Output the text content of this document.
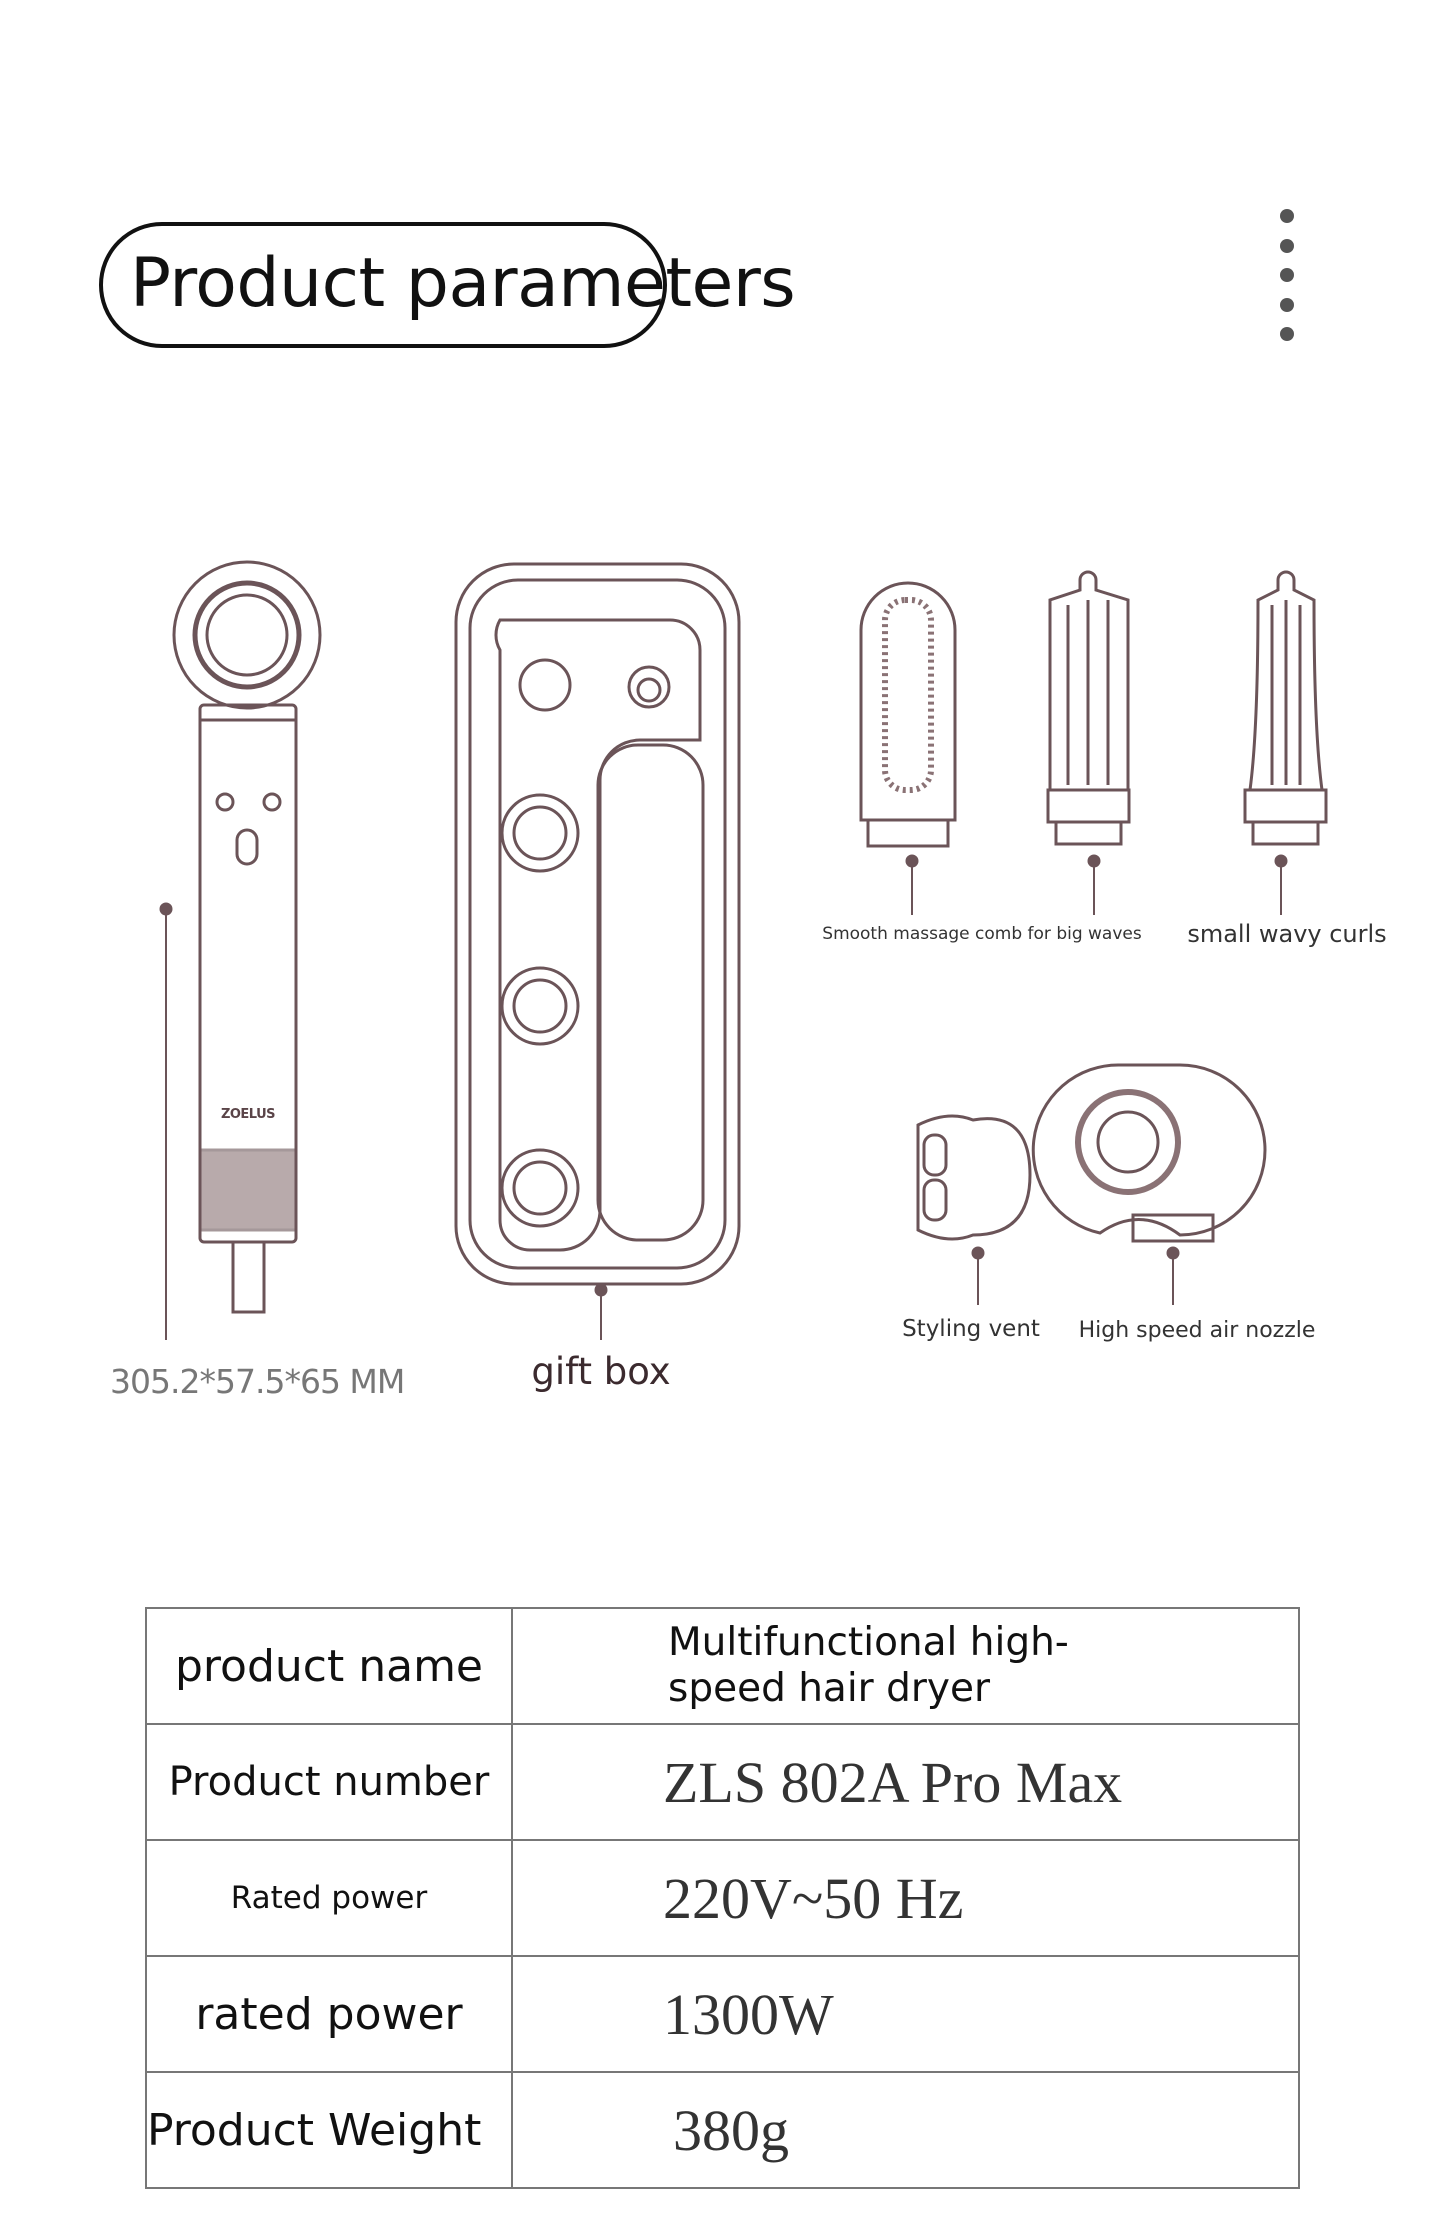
Product parameters
ZOELUS
305.2*57.5*65 MM	gift box
Smooth massage comb for big waves small wavy curls
Styling vent High speed air nozzle
product name	Multifunctional high-speed hair dryer
Product number	ZLS 802A Pro Max
Rated power	220V~50 Hz
rated power	1300W
Product Weight	380g
